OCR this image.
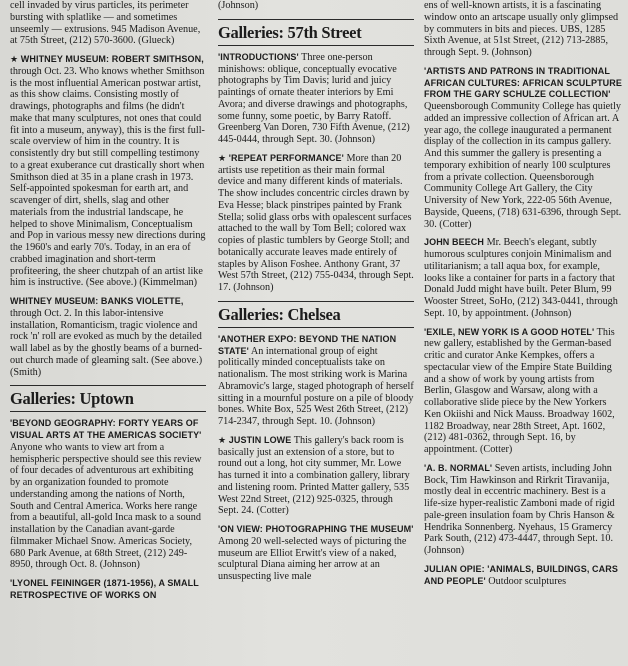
cell invaded by virus particles, its perimeter bursting with splatlike — and sometimes unseemly — extrusions. 945 Madison Avenue, at 75th Street, (212) 570-3600. (Glueck)

★ WHITNEY MUSEUM: ROBERT SMITHSON, through Oct. 23. Who knows whether Smithson is the most influential American postwar artist, as this show claims. Consisting mostly of drawings, photographs and films (he didn't make that many sculptures, not ones that could fit into a museum, anyway), this is the first full-scale overview of him in the country. It is consistently dry but still compelling testimony to a great exuberance cut drastically short when Smithson died at 35 in a plane crash in 1973. Self-appointed spokesman for earth art, and scavenger of dirt, shells, slag and other materials from the industrial landscape, he helped to shove Minimalism, Conceptualism and Pop in various messy new directions during the 1960's and early 70's. Today, in an era of crabbed imagination and short-term profiteering, the sheer chutzpah of an artist like him is instructive. (See above.) (Kimmelman)

WHITNEY MUSEUM: BANKS VIOLETTE, through Oct. 2. In this labor-intensive installation, Romanticism, tragic violence and rock 'n' roll are evoked as much by the detailed wall label as by the ghostly beams of a burned-out church made of gleaming salt. (See above.) (Smith)

Galleries: Uptown

'BEYOND GEOGRAPHY: FORTY YEARS OF VISUAL ARTS AT THE AMERICAS SOCIETY' Anyone who wants to view art from a hemispheric perspective should see this review of four decades of adventurous art exhibiting by an organization founded to promote understanding among the nations of North, South and Central America. Works here range from a beautiful, all-gold Inca mask to a sound installation by the Canadian avant-garde filmmaker Michael Snow. Americas Society, 680 Park Avenue, at 68th Street, (212) 249-8950, through Oct. 8. (Johnson)

'LYONEL FEININGER (1871-1956), A SMALL RETROSPECTIVE OF WORKS ON

(Johnson)

Galleries: 57th Street

'INTRODUCTIONS' Three one-person minishows: oblique, conceptually evocative photographs by Tim Davis; lurid and juicy paintings of ornate theater interiors by Emi Avora; and diverse drawings and photographs, some funny, some poetic, by Barry Ratoff. Greenberg Van Doren, 730 Fifth Avenue, (212) 445-0444, through Sept. 30. (Johnson)

★ 'REPEAT PERFORMANCE' More than 20 artists use repetition as their main formal device and many different kinds of materials. The show includes concentric circles drawn by Eva Hesse; black pinstripes painted by Frank Stella; solid glass orbs with opalescent surfaces attached to the wall by Tom Bell; colored wax copies of plastic tumblers by George Stoll; and botanically accurate leaves made entirely of staples by Alison Foshee. Anthony Grant, 37 West 57th Street, (212) 755-0434, through Sept. 17. (Johnson)

Galleries: Chelsea

'ANOTHER EXPO: BEYOND THE NATION STATE' An international group of eight politically minded conceptualists take on nationalism. The most striking work is Marina Abramovic's large, staged photograph of herself sitting in a mournful posture on a pile of bloody bones. White Box, 525 West 26th Street, (212) 714-2347, through Sept. 10. (Johnson)

★ JUSTIN LOWE This gallery's back room is basically just an extension of a store, but to round out a long, hot city summer, Mr. Lowe has turned it into a combination gallery, library and listening room. Printed Matter gallery, 535 West 22nd Street, (212) 925-0325, through Sept. 24. (Cotter)

'ON VIEW: PHOTOGRAPHING THE MUSEUM' Among 20 well-selected ways of picturing the museum are Elliot Erwitt's view of a naked, sculptural Diana aiming her arrow at an unsuspecting live male

ens of well-known artists, it is a fascinating window onto an artscape usually only glimpsed by commuters in bits and pieces. UBS, 1285 Sixth Avenue, at 51st Street, (212) 713-2885, through Sept. 9. (Johnson)

'ARTISTS AND PATRONS IN TRADITIONAL AFRICAN CULTURES: AFRICAN SCULPTURE FROM THE GARY SCHULZE COLLECTION' Queensborough Community College has quietly added an impressive collection of African art. A year ago, the college inaugurated a permanent display of the collection in its campus gallery. And this summer the gallery is presenting a temporary exhibition of nearly 100 sculptures from a private collection. Queensborough Community College Art Gallery, the City University of New York, 222-05 56th Avenue, Bayside, Queens, (718) 631-6396, through Sept. 30. (Cotter)

JOHN BEECH Mr. Beech's elegant, subtly humorous sculptures conjoin Minimalism and utilitarianism; a tall aqua box, for example, looks like a container for parts in a factory that Donald Judd might have built. Peter Blum, 99 Wooster Street, SoHo, (212) 343-0441, through Sept. 10, by appointment. (Johnson)

'EXILE, NEW YORK IS A GOOD HOTEL' This new gallery, established by the German-based critic and curator Anke Kempkes, offers a spectacular view of the Empire State Building and a show of work by young artists from Berlin, Glasgow and Warsaw, along with a collaborative slide piece by the New Yorkers Ken Okiishi and Nick Mauss. Broadway 1602, 1182 Broadway, near 28th Street, Apt. 1602, (212) 481-0362, through Sept. 16, by appointment. (Cotter)

'A. B. NORMAL' Seven artists, including John Bock, Tim Hawkinson and Rirkrit Tiravanija, mostly deal in eccentric machinery. Best is a life-size hyper-realistic Zamboni made of rigid pale-green insulation foam by Chris Hanson & Hendrika Sonnenberg. Nyehaus, 15 Gramercy Park South, (212) 473-4447, through Sept. 10. (Johnson)

JULIAN OPIE: 'ANIMALS, BUILDINGS, CARS AND PEOPLE' Outdoor sculptures
